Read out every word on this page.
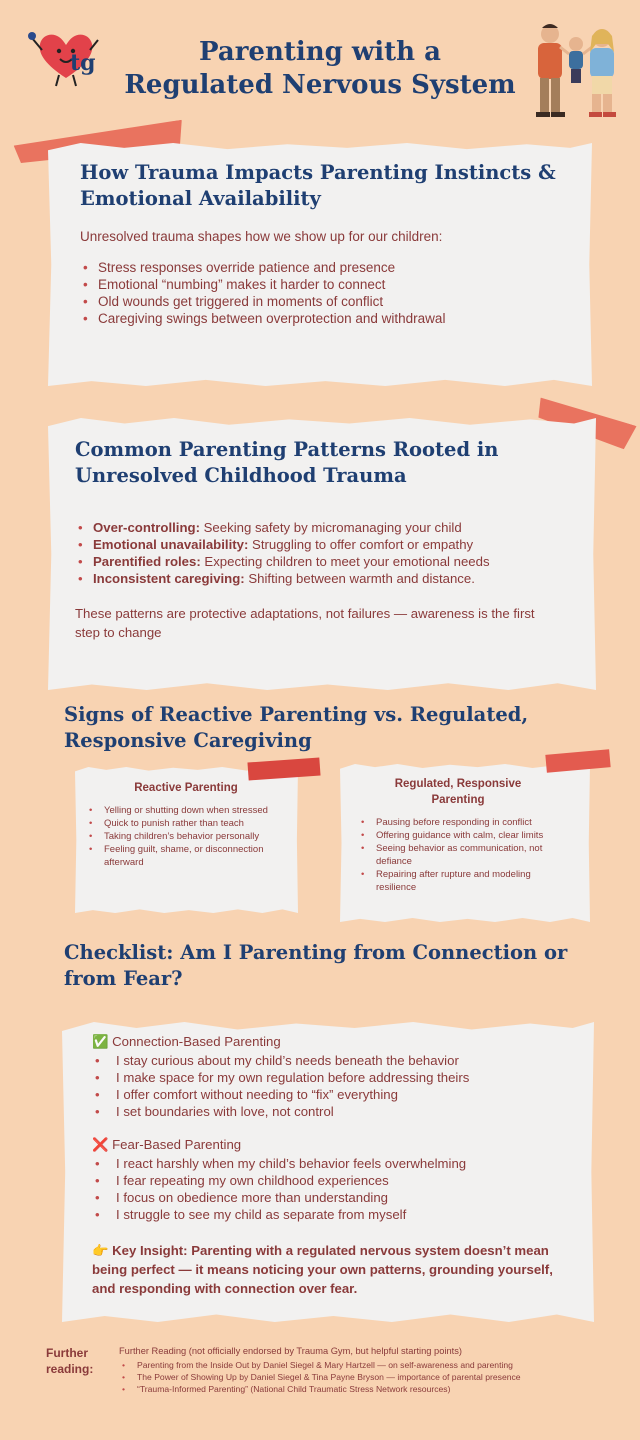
tg	Parenting with a
Regulated Nervous System
How Trauma Impacts Parenting Instincts & Emotional Availability

Unresolved trauma shapes how we show up for our children:

• Stress responses override patience and presence
• Emotional “numbing” makes it harder to connect
• Old wounds get triggered in moments of conflict
• Caregiving swings between overprotection and withdrawal
Common Parenting Patterns Rooted in Unresolved Childhood Trauma
• Over-controlling: Seeking safety by micromanaging your child
• Emotional unavailability: Struggling to offer comfort or empathy
• Parentified roles: Expecting children to meet your emotional needs
• Inconsistent caregiving: Shifting between warmth and distance.

These patterns are protective adaptations, not failures — awareness is the first step to change

Signs of Reactive Parenting vs. Regulated, Responsive Caregiving
Reactive Parenting
• Yelling or shutting down when stressed
• Quick to punish rather than teach
• Taking children’s behavior personally
• Feeling guilt, shame, or disconnection afterward
Regulated, Responsive Parenting
• Pausing before responding in conflict
• Offering guidance with calm, clear limits
• Seeing behavior as communication, not defiance
• Repairing after rupture and modeling resilience
Checklist: Am I Parenting from Connection or from Fear?
✅ Connection-Based Parenting
• I stay curious about my child’s needs beneath the behavior
• I make space for my own regulation before addressing theirs
• I offer comfort without needing to “fix” everything
• I set boundaries with love, not control
❌ Fear-Based Parenting
• I react harshly when my child’s behavior feels overwhelming
• I fear repeating my own childhood experiences
• I focus on obedience more than understanding
• I struggle to see my child as separate from myself

👉 Key Insight: Parenting with a regulated nervous system doesn’t mean being perfect — it means noticing your own patterns, grounding yourself, and responding with connection over fear.

Further reading:
Further Reading (not officially endorsed by Trauma Gym, but helpful starting points)
• Parenting from the Inside Out by Daniel Siegel & Mary Hartzell — on self-awareness and parenting
• The Power of Showing Up by Daniel Siegel & Tina Payne Bryson — importance of parental presence
• “Trauma-Informed Parenting” (National Child Traumatic Stress Network resources)
